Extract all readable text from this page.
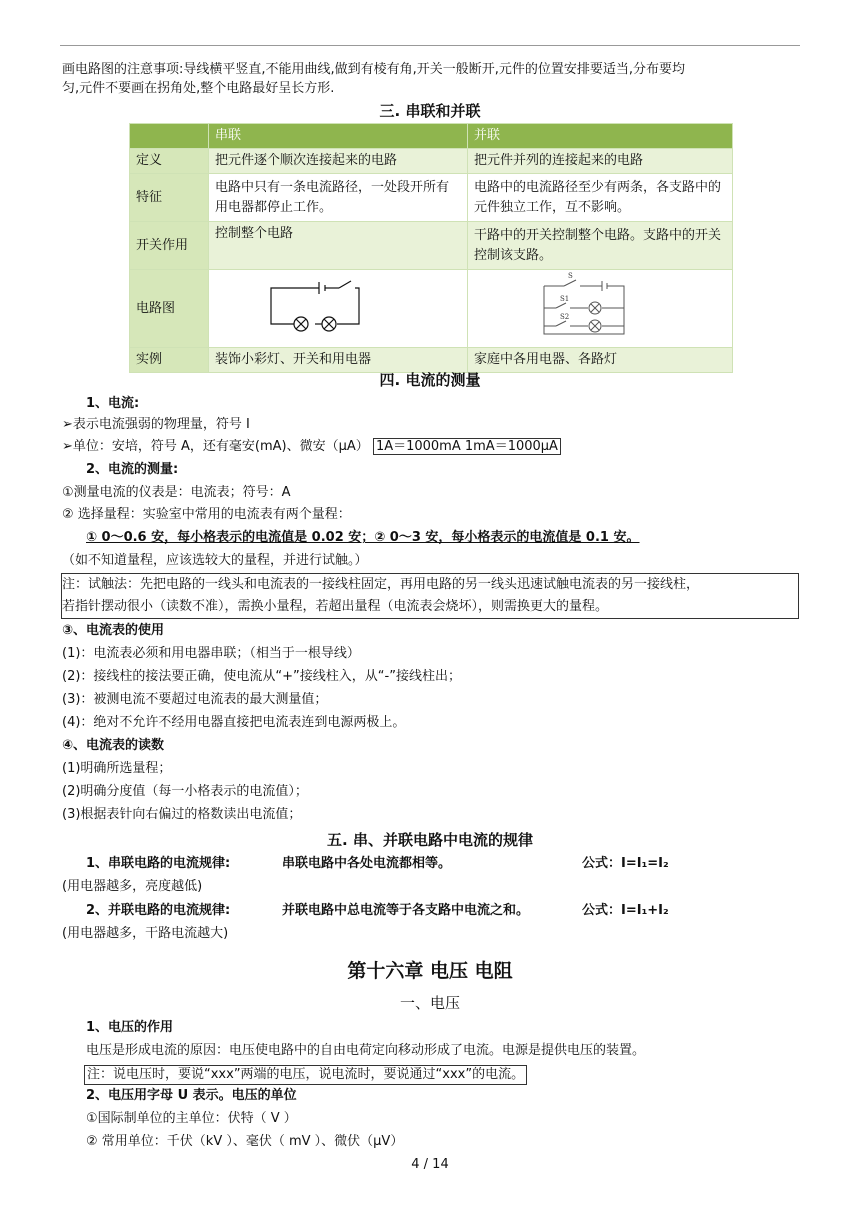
画电路图的注意事项:导线横平竖直,不能用曲线,做到有棱有角,开关一般断开,元件的位置安排要适当,分布要均
匀,元件不要画在拐角处,整个电路最好呈长方形.
三. 串联和并联
	串联	并联
定义	把元件逐个顺次连接起来的电路	把元件并列的连接起来的电路
特征	电路中只有一条电流路径，一处段开所有用电器都停止工作。	电路中的电流路径至少有两条，各支路中的元件独立工作，互不影响。
开关作用	控制整个电路	干路中的开关控制整个电路。支路中的开关控制该支路。
电路图		S
S1
S2

实例	装饰小彩灯、开关和用电器	家庭中各用电器、各路灯
四. 电流的测量
1、电流:
➢表示电流强弱的物理量，符号 I
➢单位：安培，符号 A，还有毫安(mA)、微安（μA） 1A＝1000mA 1mA＝1000μA
2、电流的测量:
①测量电流的仪表是：电流表；符号：A
② 选择量程：实验室中常用的电流表有两个量程：
① 0～0.6 安，每小格表示的电流值是 0.02 安；② 0～3 安，每小格表示的电流值是 0.1 安。
（如不知道量程，应该选较大的量程，并进行试触。）
注：试触法：先把电路的一线头和电流表的一接线柱固定，再用电路的另一线头迅速试触电流表的另一接线柱，
若指针摆动很小（读数不准），需换小量程，若超出量程（电流表会烧坏），则需换更大的量程。
③、电流表的使用
(1)：电流表必须和用电器串联；（相当于一根导线）
(2)：接线柱的接法要正确，使电流从“+”接线柱入，从“-”接线柱出；
(3)：被测电流不要超过电流表的最大测量值；
(4)：绝对不允许不经用电器直接把电流表连到电源两极上。
④、电流表的读数
(1)明确所选量程；
(2)明确分度值（每一小格表示的电流值）；
(3)根据表针向右偏过的格数读出电流值；
五. 串、并联电路中电流的规律
1、串联电路的电流规律:	串联电路中各处电流都相等。	公式：I=I₁=I₂
(用电器越多，亮度越低)
2、并联电路的电流规律:	并联电路中总电流等于各支路中电流之和。	公式：I=I₁+I₂
(用电器越多，干路电流越大)
第十六章 电压 电阻
一、电压
1、电压的作用
电压是形成电流的原因：电压使电路中的自由电荷定向移动形成了电流。电源是提供电压的装置。
注：说电压时，要说“xxx”两端的电压，说电流时，要说通过“xxx”的电流。
2、电压用字母 U 表示。电压的单位
①国际制单位的主单位：伏特（ V ）
② 常用单位：千伏（kV ）、毫伏（ mV ）、微伏（μV）
4 / 14
